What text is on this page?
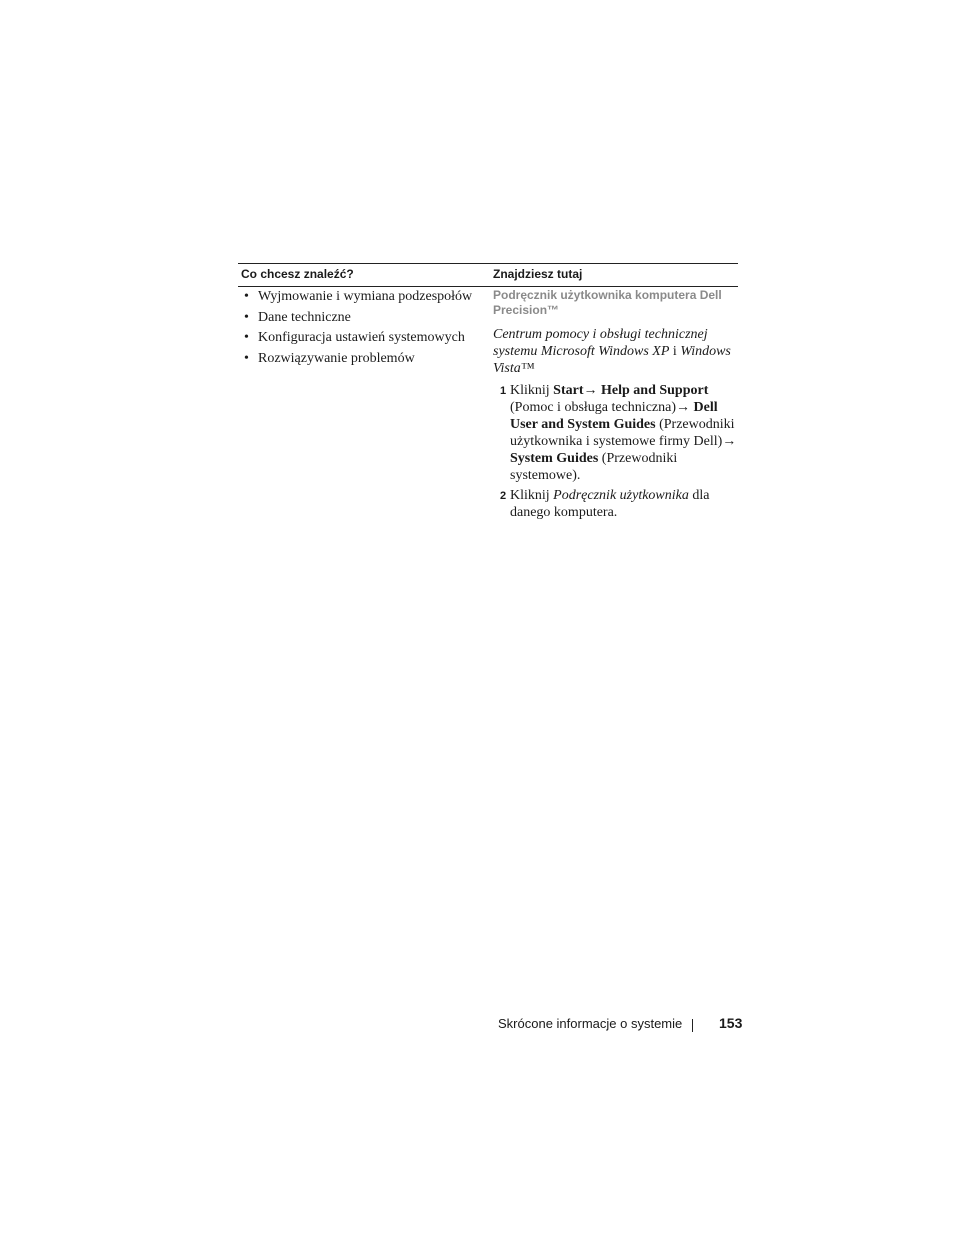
Co chcesz znaleźć?	Znajdziesz tutaj
• Wyjmowanie i wymiana podzespołów
• Dane techniczne
• Konfiguracja ustawień systemowych
• Rozwiązywanie problemów

Podręcznik użytkownika komputera Dell Precision™

Centrum pomocy i obsługi technicznej systemu Microsoft Windows XP i Windows Vista™

1 Kliknij Start→ Help and Support (Pomoc i obsługa techniczna)→ Dell User and System Guides (Przewodniki użytkownika i systemowe firmy Dell)→ System Guides (Przewodniki systemowe).
2 Kliknij Podręcznik użytkownika dla danego komputera.
Skrócone informacje o systemie	153
